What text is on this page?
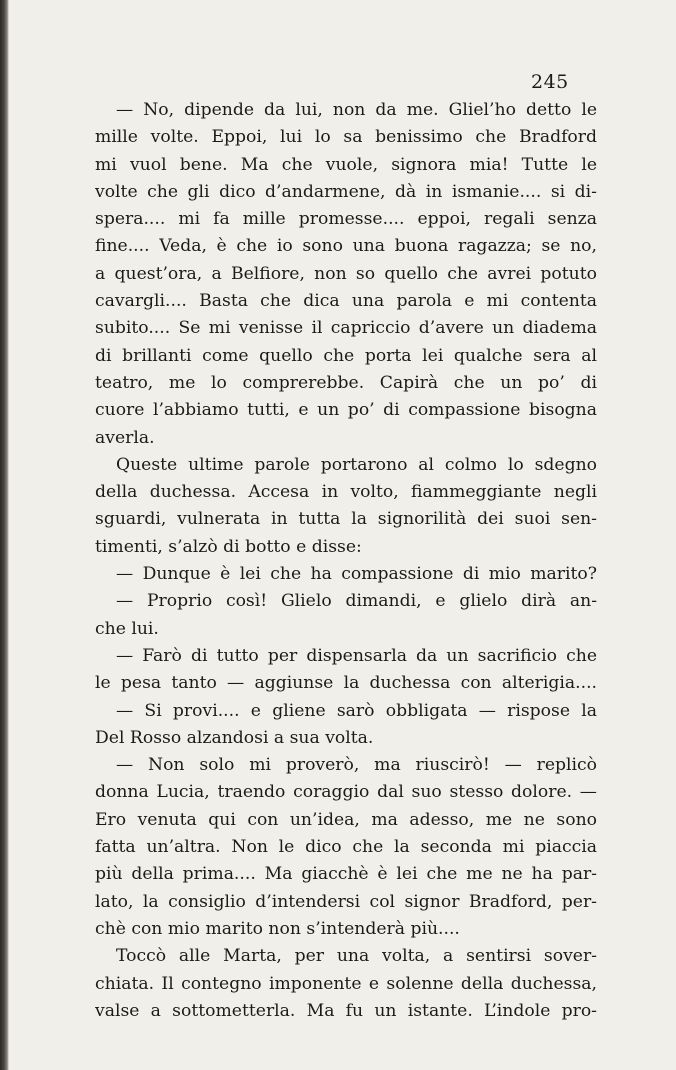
245
— No, dipende da lui, non da me. Gliel’ho detto le
mille volte. Eppoi, lui lo sa benissimo che Bradford
mi vuol bene. Ma che vuole, signora mia! Tutte le
volte che gli dico d’andarmene, dà in ismanie.... si di-
spera.... mi fa mille promesse.... eppoi, regali senza
fine.... Veda, è che io sono una buona ragazza; se no,
a quest’ora, a Belfiore, non so quello che avrei potuto
cavargli.... Basta che dica una parola e mi contenta
subito.... Se mi venisse il capriccio d’avere un diadema
di brillanti come quello che porta lei qualche sera al
teatro, me lo comprerebbe. Capirà che un po’ di
cuore l’abbiamo tutti, e un po’ di compassione bisogna
averla.
Queste ultime parole portarono al colmo lo sdegno
della duchessa. Accesa in volto, fiammeggiante negli
sguardi, vulnerata in tutta la signorilità dei suoi sen-
timenti, s’alzò di botto e disse:
— Dunque è lei che ha compassione di mio marito?
— Proprio così! Glielo dimandi, e glielo dirà an-
che lui.
— Farò di tutto per dispensarla da un sacrificio che
le pesa tanto — aggiunse la duchessa con alterigia....
— Si provi.... e gliene sarò obbligata — rispose la
Del Rosso alzandosi a sua volta.
— Non solo mi proverò, ma riuscirò! — replicò
donna Lucia, traendo coraggio dal suo stesso dolore. —
Ero venuta qui con un’idea, ma adesso, me ne sono
fatta un’altra. Non le dico che la seconda mi piaccia
più della prima.... Ma giacchè è lei che me ne ha par-
lato, la consiglio d’intendersi col signor Bradford, per-
chè con mio marito non s’intenderà più....
Toccò alle Marta, per una volta, a sentirsi sover-
chiata. Il contegno imponente e solenne della duchessa,
valse a sottometterla. Ma fu un istante. L’indole pro-
